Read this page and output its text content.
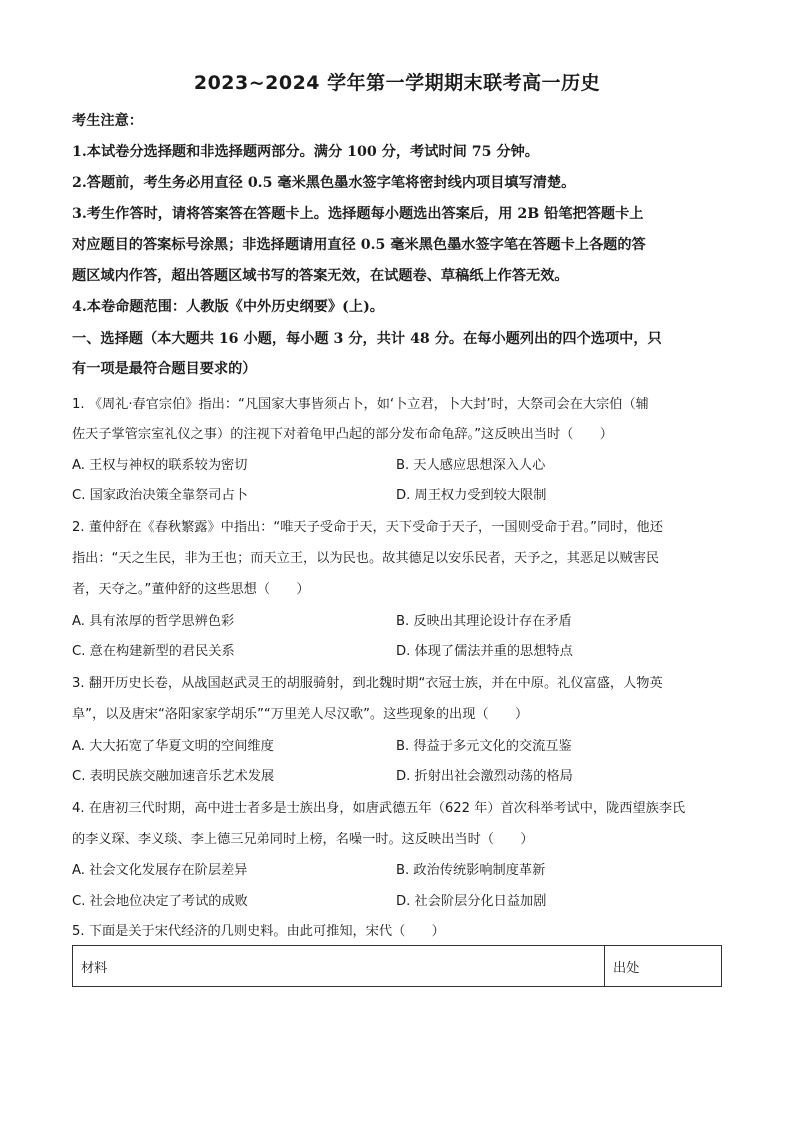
2023~2024 学年第一学期期末联考高一历史
考生注意：
1.本试卷分选择题和非选择题两部分。满分 100 分，考试时间 75 分钟。
2.答题前，考生务必用直径 0.5 毫米黑色墨水签字笔将密封线内项目填写清楚。
3.考生作答时，请将答案答在答题卡上。选择题每小题选出答案后，用 2B 铅笔把答题卡上
对应题目的答案标号涂黑；非选择题请用直径 0.5 毫米黑色墨水签字笔在答题卡上各题的答
题区域内作答，超出答题区域书写的答案无效，在试题卷、草稿纸上作答无效。
4.本卷命题范围：人教版《中外历史纲要》(上)。
一、选择题（本大题共 16 小题，每小题 3 分，共计 48 分。在每小题列出的四个选项中，只
有一项是最符合题目要求的）
1. 《周礼·春官宗伯》指出：“凡国家大事皆须占卜，如‘卜立君，卜大封’时，大祭司会在大宗伯（辅
佐天子掌管宗室礼仪之事）的注视下对着龟甲凸起的部分发布命龟辞。”这反映出当时（　　）
A. 王权与神权的联系较为密切	B. 天人感应思想深入人心
C. 国家政治决策全靠祭司占卜	D. 周王权力受到较大限制
2. 董仲舒在《春秋繁露》中指出：“唯天子受命于天，天下受命于天子，一国则受命于君。”同时，他还
指出：“天之生民，非为王也；而天立王，以为民也。故其德足以安乐民者，天予之，其恶足以贼害民
者，天夺之。”董仲舒的这些思想（　　）
A. 具有浓厚的哲学思辨色彩	B. 反映出其理论设计存在矛盾
C. 意在构建新型的君民关系	D. 体现了儒法并重的思想特点
3. 翻开历史长卷，从战国赵武灵王的胡服骑射，到北魏时期“衣冠士族，并在中原。礼仪富盛，人物英
阜”，以及唐宋“洛阳家家学胡乐”“万里羌人尽汉歌”。这些现象的出现（　　）
A. 大大拓宽了华夏文明的空间维度	B. 得益于多元文化的交流互鉴
C. 表明民族交融加速音乐艺术发展	D. 折射出社会激烈动荡的格局
4. 在唐初三代时期，高中进士者多是士族出身，如唐武德五年（622 年）首次科举考试中，陇西望族李氏
的李义琛、李义琰、李上德三兄弟同时上榜，名噪一时。这反映出当时（　　）
A. 社会文化发展存在阶层差异	B. 政治传统影响制度革新
C. 社会地位决定了考试的成败	D. 社会阶层分化日益加剧
5. 下面是关于宋代经济的几则史料。由此可推知，宋代（　　）
材料	出处
